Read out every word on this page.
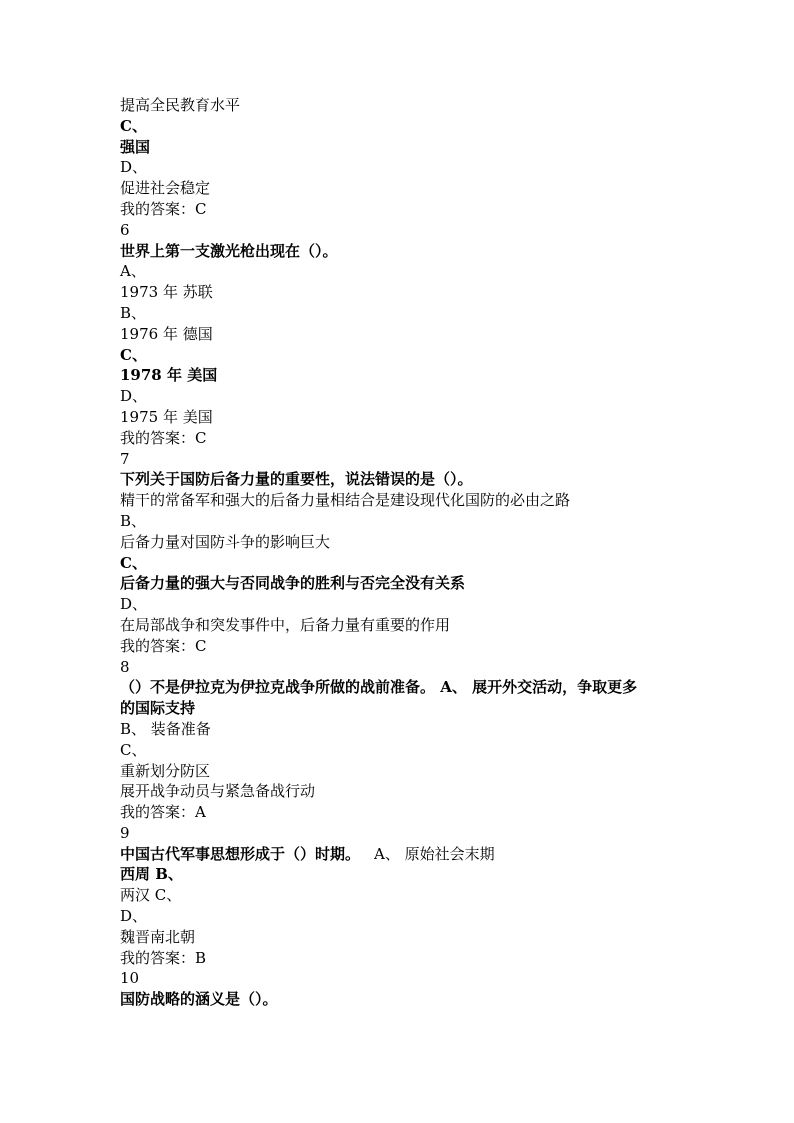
提高全民教育水平
C、
强国
D、
促进社会稳定
我的答案：C
6
世界上第一支激光枪出现在（）。
A、
1973 年 苏联
B、
1976 年 德国
C、
1978 年 美国
D、
1975 年 美国
我的答案：C
7
下列关于国防后备力量的重要性，说法错误的是（）。
精干的常备军和强大的后备力量相结合是建设现代化国防的必由之路
B、
后备力量对国防斗争的影响巨大
C、
后备力量的强大与否同战争的胜利与否完全没有关系
D、
在局部战争和突发事件中，后备力量有重要的作用
我的答案：C
8
（）不是伊拉克为伊拉克战争所做的战前准备。 A、 展开外交活动，争取更多
的国际支持
B、 装备准备
C、
重新划分防区
展开战争动员与紧急备战行动
我的答案：A
9
中国古代军事思想形成于（）时期。 A、 原始社会末期
西周 B、
两汉 C、
D、
魏晋南北朝
我的答案：B
10
国防战略的涵义是（）。
